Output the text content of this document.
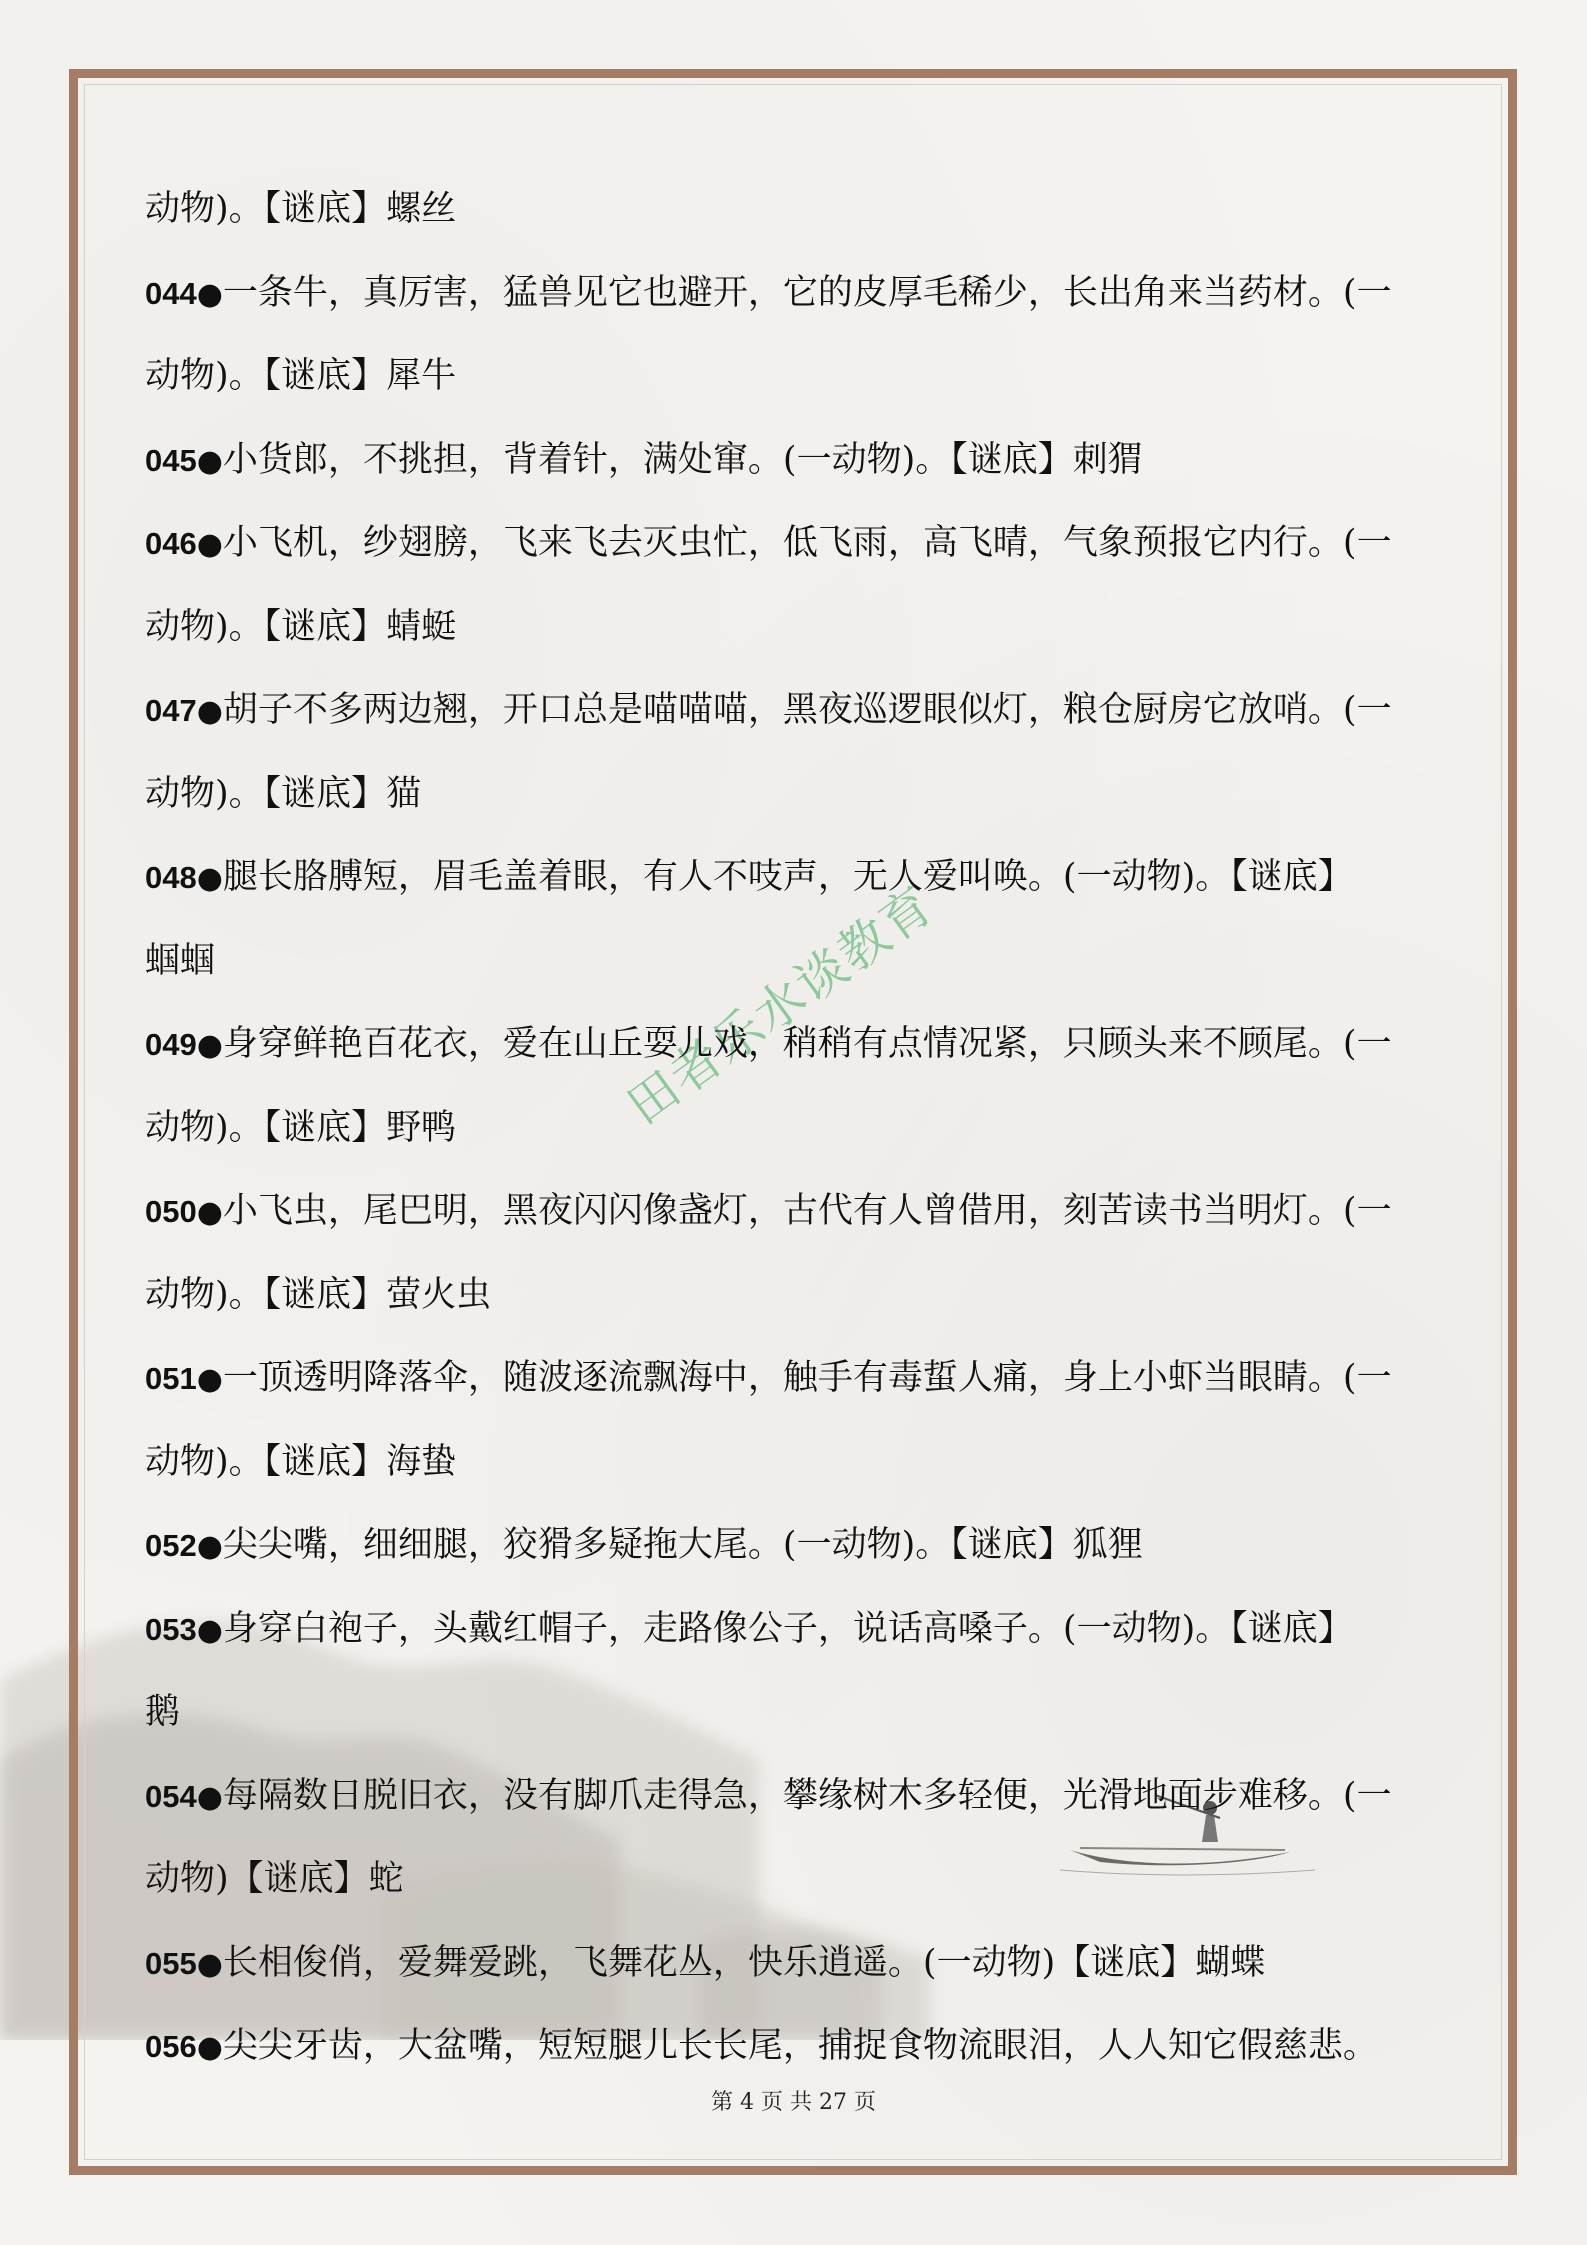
田者乐水谈教育
动物)。【谜底】螺丝
044●一条牛，真厉害，猛兽见它也避开，它的皮厚毛稀少，长出角来当药材。(一
动物)。【谜底】犀牛
045●小货郎，不挑担，背着针，满处窜。(一动物)。【谜底】刺猬
046●小飞机，纱翅膀，飞来飞去灭虫忙，低飞雨，高飞晴，气象预报它内行。(一
动物)。【谜底】蜻蜓
047●胡子不多两边翘，开口总是喵喵喵，黑夜巡逻眼似灯，粮仓厨房它放哨。(一
动物)。【谜底】猫
048●腿长胳膊短，眉毛盖着眼，有人不吱声，无人爱叫唤。(一动物)。【谜底】
蝈蝈
049●身穿鲜艳百花衣，爱在山丘耍儿戏，稍稍有点情况紧，只顾头来不顾尾。(一
动物)。【谜底】野鸭
050●小飞虫，尾巴明，黑夜闪闪像盏灯，古代有人曾借用，刻苦读书当明灯。(一
动物)。【谜底】萤火虫
051●一顶透明降落伞，随波逐流飘海中，触手有毒蜇人痛，身上小虾当眼睛。(一
动物)。【谜底】海蛰
052●尖尖嘴，细细腿，狡猾多疑拖大尾。(一动物)。【谜底】狐狸
053●身穿白袍子，头戴红帽子，走路像公子，说话高嗓子。(一动物)。【谜底】
鹅
054●每隔数日脱旧衣，没有脚爪走得急，攀缘树木多轻便，光滑地面步难移。(一
动物)【谜底】蛇
055●长相俊俏，爱舞爱跳，飞舞花丛，快乐逍遥。(一动物)【谜底】蝴蝶
056●尖尖牙齿，大盆嘴，短短腿儿长长尾，捕捉食物流眼泪，人人知它假慈悲。
第 4 页 共 27 页
